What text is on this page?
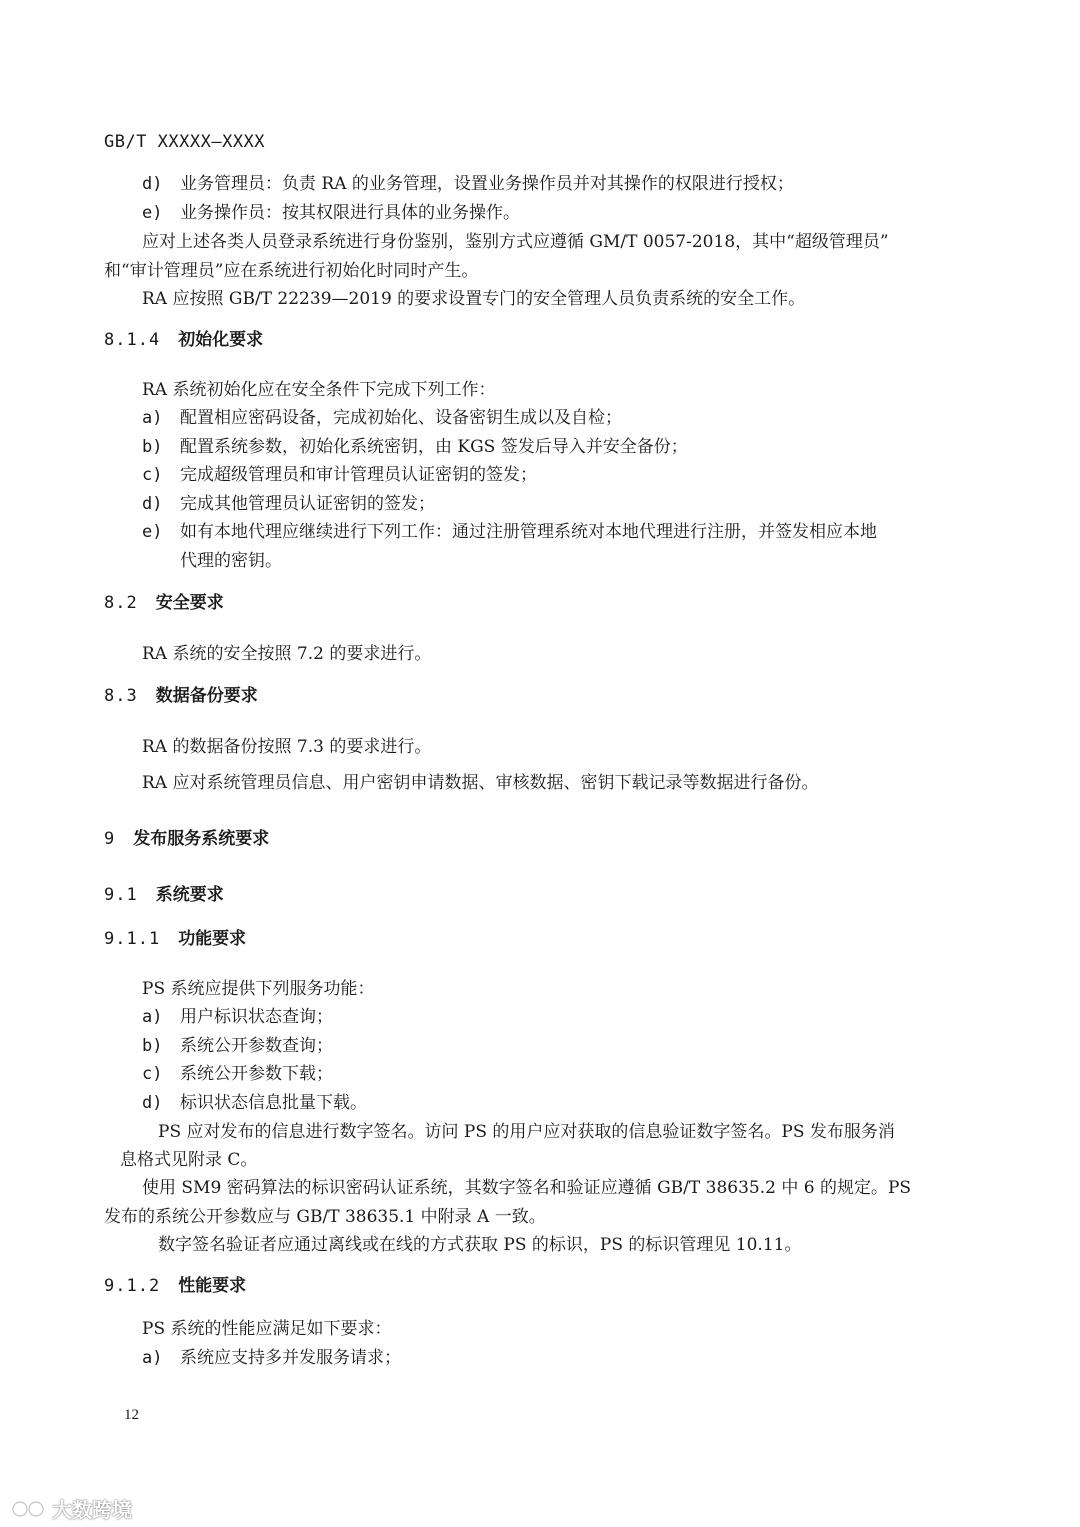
GB/T XXXXX—XXXX
d) 业务管理员：负责 RA 的业务管理，设置业务操作员并对其操作的权限进行授权；
e) 业务操作员：按其权限进行具体的业务操作。
应对上述各类人员登录系统进行身份鉴别，鉴别方式应遵循 GM/T 0057-2018，其中“超级管理员”
和“审计管理员”应在系统进行初始化时同时产生。
RA 应按照 GB/T 22239—2019 的要求设置专门的安全管理人员负责系统的安全工作。
8.1.4 初始化要求
RA 系统初始化应在安全条件下完成下列工作：
a) 配置相应密码设备，完成初始化、设备密钥生成以及自检；
b) 配置系统参数，初始化系统密钥，由 KGS 签发后导入并安全备份；
c) 完成超级管理员和审计管理员认证密钥的签发；
d) 完成其他管理员认证密钥的签发；
e) 如有本地代理应继续进行下列工作：通过注册管理系统对本地代理进行注册，并签发相应本地
代理的密钥。
8.2 安全要求
RA 系统的安全按照 7.2 的要求进行。
8.3 数据备份要求
RA 的数据备份按照 7.3 的要求进行。
RA 应对系统管理员信息、用户密钥申请数据、审核数据、密钥下载记录等数据进行备份。
9 发布服务系统要求
9.1 系统要求
9.1.1 功能要求
PS 系统应提供下列服务功能：
a) 用户标识状态查询；
b) 系统公开参数查询；
c) 系统公开参数下载；
d) 标识状态信息批量下载。
PS 应对发布的信息进行数字签名。访问 PS 的用户应对获取的信息验证数字签名。PS 发布服务消
息格式见附录 C。
使用 SM9 密码算法的标识密码认证系统，其数字签名和验证应遵循 GB/T 38635.2 中 6 的规定。PS
发布的系统公开参数应与 GB/T 38635.1 中附录 A 一致。
数字签名验证者应通过离线或在线的方式获取 PS 的标识，PS 的标识管理见 10.11。
9.1.2 性能要求
PS 系统的性能应满足如下要求：
a) 系统应支持多并发服务请求；
12
大数跨境
